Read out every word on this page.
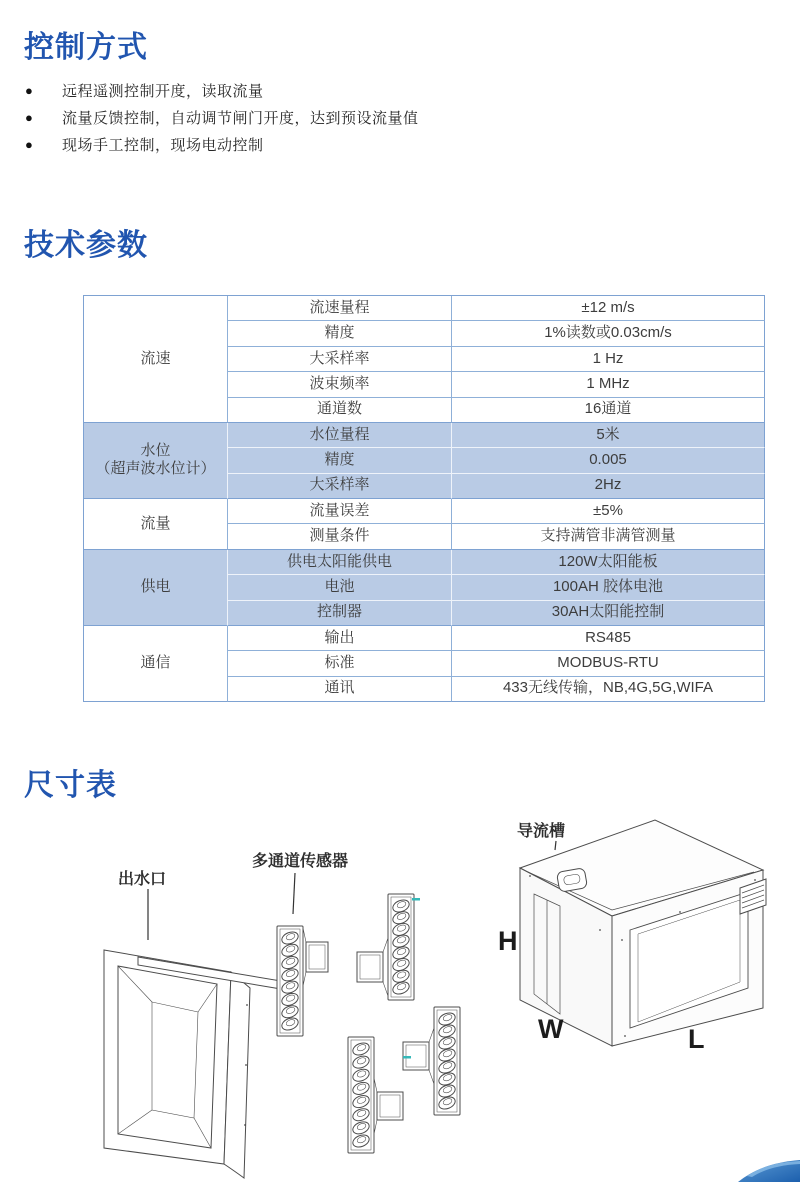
控制方式
●	远程遥测控制开度，读取流量
●	流量反馈控制，自动调节闸门开度，达到预设流量值
●	现场手工控制，现场电动控制
技术参数
流速	流速量程	±12 m/s
	精度	1%读数或0.03cm/s
	大采样率	1 Hz
	波束频率	1 MHz
	通道数	16通道

水位
（超声波水位计）	水位量程	5米
	精度	0.005
	大采样率	2Hz

流量	流量误差	±5%
	测量条件	支持满管非满管测量

供电	供电太阳能供电	120W太阳能板
	电池	100AH 胶体电池
	控制器	30AH太阳能控制

通信	输出	RS485
	标准	MODBUS-RTU
	通讯	433无线传输，NB,4G,5G,WIFA
尺寸表
出水口
多通道传感器
导流槽
H
W	L
